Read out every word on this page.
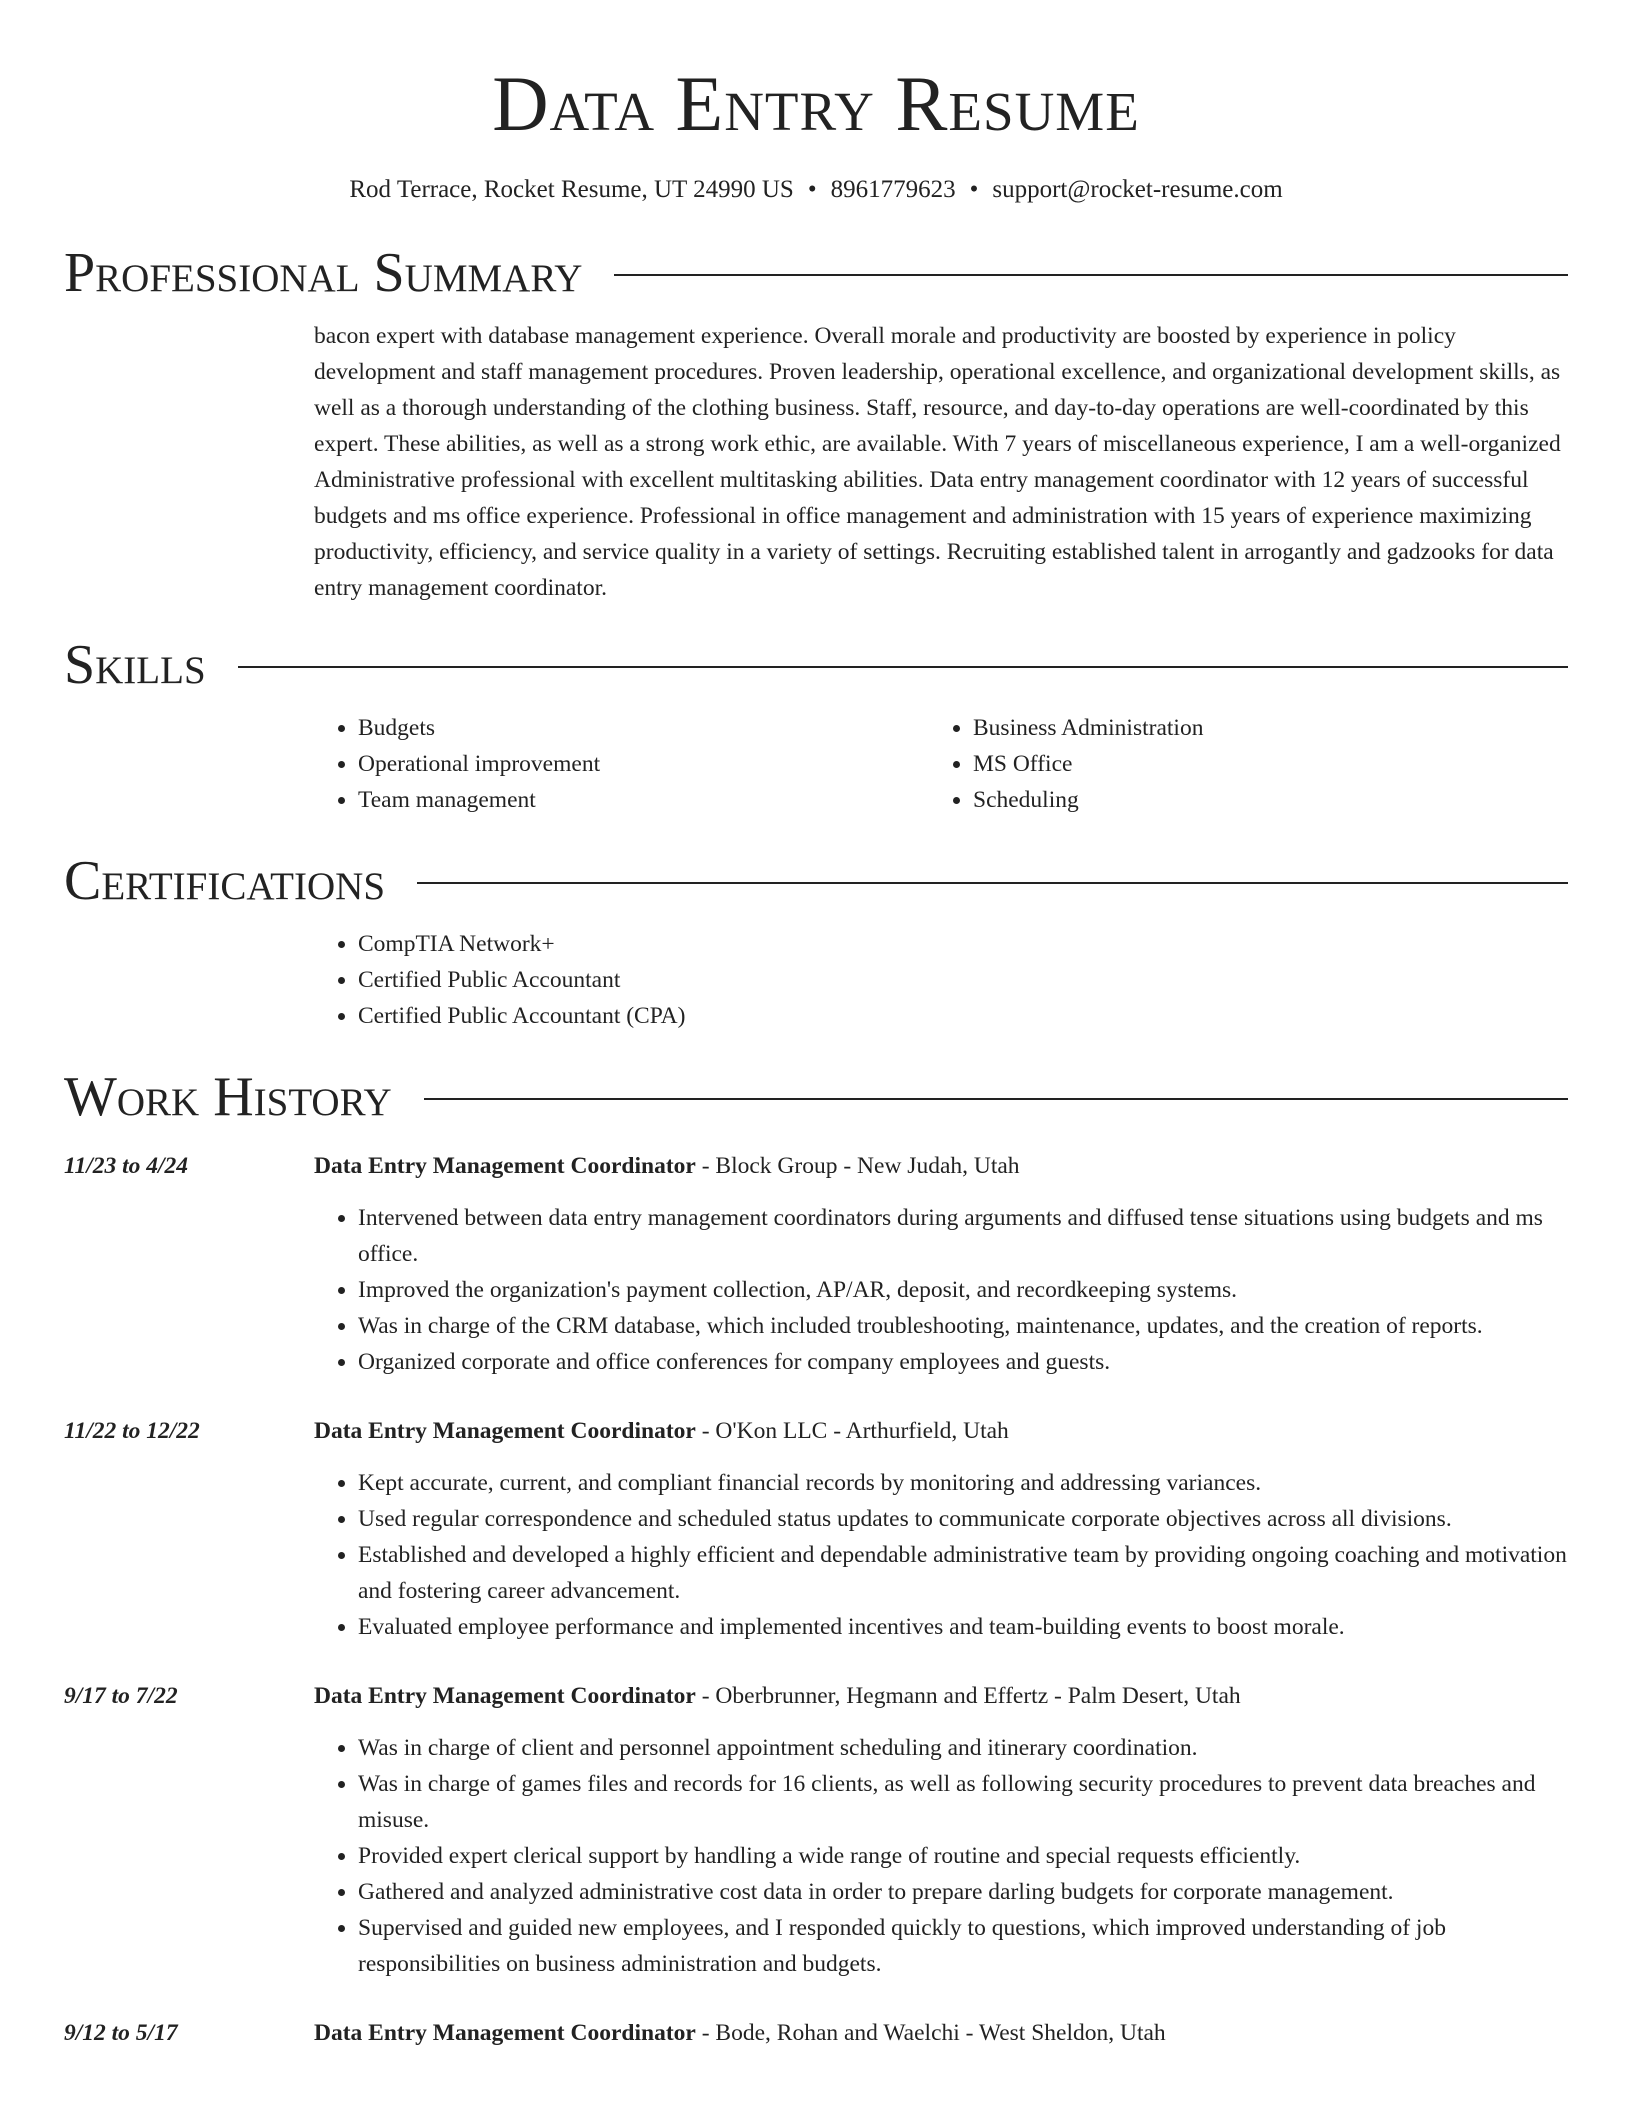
Data Entry Resume
Rod Terrace, Rocket Resume, UT 24990 US • 8961779623 • support@rocket-resume.com
Professional Summary

bacon expert with database management experience. Overall morale and productivity are boosted by experience in policy development and staff management procedures. Proven leadership, operational excellence, and organizational development skills, as well as a thorough understanding of the clothing business. Staff, resource, and day-to-day operations are well-coordinated by this expert. These abilities, as well as a strong work ethic, are available. With 7 years of miscellaneous experience, I am a well-organized Administrative professional with excellent multitasking abilities. Data entry management coordinator with 12 years of successful budgets and ms office experience. Professional in office management and administration with 15 years of experience maximizing productivity, efficiency, and service quality in a variety of settings. Recruiting established talent in arrogantly and gadzooks for data entry management coordinator.

Skills
• Budgets
• Operational improvement
• Team management
• Business Administration
• MS Office
• Scheduling
Certifications
• CompTIA Network+
• Certified Public Accountant
• Certified Public Accountant (CPA)
Work History
11/23 to 4/24	Data Entry Management Coordinator - Block Group - New Judah, Utah
• Intervened between data entry management coordinators during arguments and diffused tense situations using budgets and ms office.
• Improved the organization's payment collection, AP/AR, deposit, and recordkeeping systems.
• Was in charge of the CRM database, which included troubleshooting, maintenance, updates, and the creation of reports.
• Organized corporate and office conferences for company employees and guests.
11/22 to 12/22	Data Entry Management Coordinator - O'Kon LLC - Arthurfield, Utah
• Kept accurate, current, and compliant financial records by monitoring and addressing variances.
• Used regular correspondence and scheduled status updates to communicate corporate objectives across all divisions.
• Established and developed a highly efficient and dependable administrative team by providing ongoing coaching and motivation and fostering career advancement.
• Evaluated employee performance and implemented incentives and team-building events to boost morale.
9/17 to 7/22	Data Entry Management Coordinator - Oberbrunner, Hegmann and Effertz - Palm Desert, Utah
• Was in charge of client and personnel appointment scheduling and itinerary coordination.
• Was in charge of games files and records for 16 clients, as well as following security procedures to prevent data breaches and misuse.
• Provided expert clerical support by handling a wide range of routine and special requests efficiently.
• Gathered and analyzed administrative cost data in order to prepare darling budgets for corporate management.
• Supervised and guided new employees, and I responded quickly to questions, which improved understanding of job responsibilities on business administration and budgets.
9/12 to 5/17	Data Entry Management Coordinator - Bode, Rohan and Waelchi - West Sheldon, Utah
